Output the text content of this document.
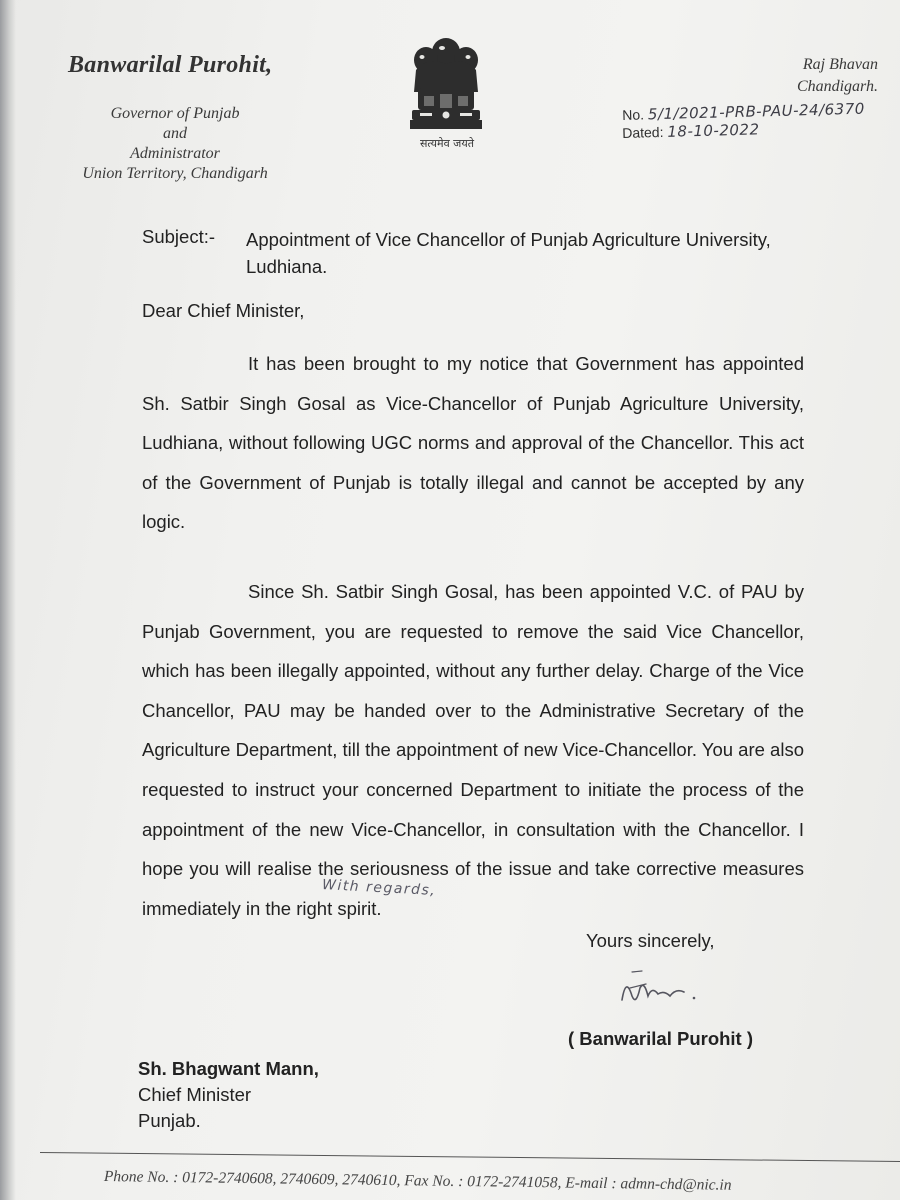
Banwarilal Purohit,
Governor of Punjab
and
Administrator
Union Territory, Chandigarh
सत्यमेव जयते
Raj Bhavan
Chandigarh.
No. 5/1/2021-PRB-PAU-24/6370
Dated: 18-10-2022
Subject:- Appointment of Vice Chancellor of Punjab Agriculture University, Ludhiana.
Dear Chief Minister,
It has been brought to my notice that Government has appointed Sh. Satbir Singh Gosal as Vice-Chancellor of Punjab Agriculture University, Ludhiana, without following UGC norms and approval of the Chancellor. This act of the Government of Punjab is totally illegal and cannot be accepted by any logic.
Since Sh. Satbir Singh Gosal, has been appointed V.C. of PAU by Punjab Government, you are requested to remove the said Vice Chancellor, which has been illegally appointed, without any further delay. Charge of the Vice Chancellor, PAU may be handed over to the Administrative Secretary of the Agriculture Department, till the appointment of new Vice-Chancellor. You are also requested to instruct your concerned Department to initiate the process of the appointment of the new Vice-Chancellor, in consultation with the Chancellor. I hope you will realise the seriousness of the issue and take corrective measures immediately in the right spirit.
With regards,
Yours sincerely,
( Banwarilal Purohit )
Sh. Bhagwant Mann,
Chief Minister
Punjab.
Phone No. : 0172-2740608, 2740609, 2740610, Fax No. : 0172-2741058, E-mail : admn-chd@nic.in
